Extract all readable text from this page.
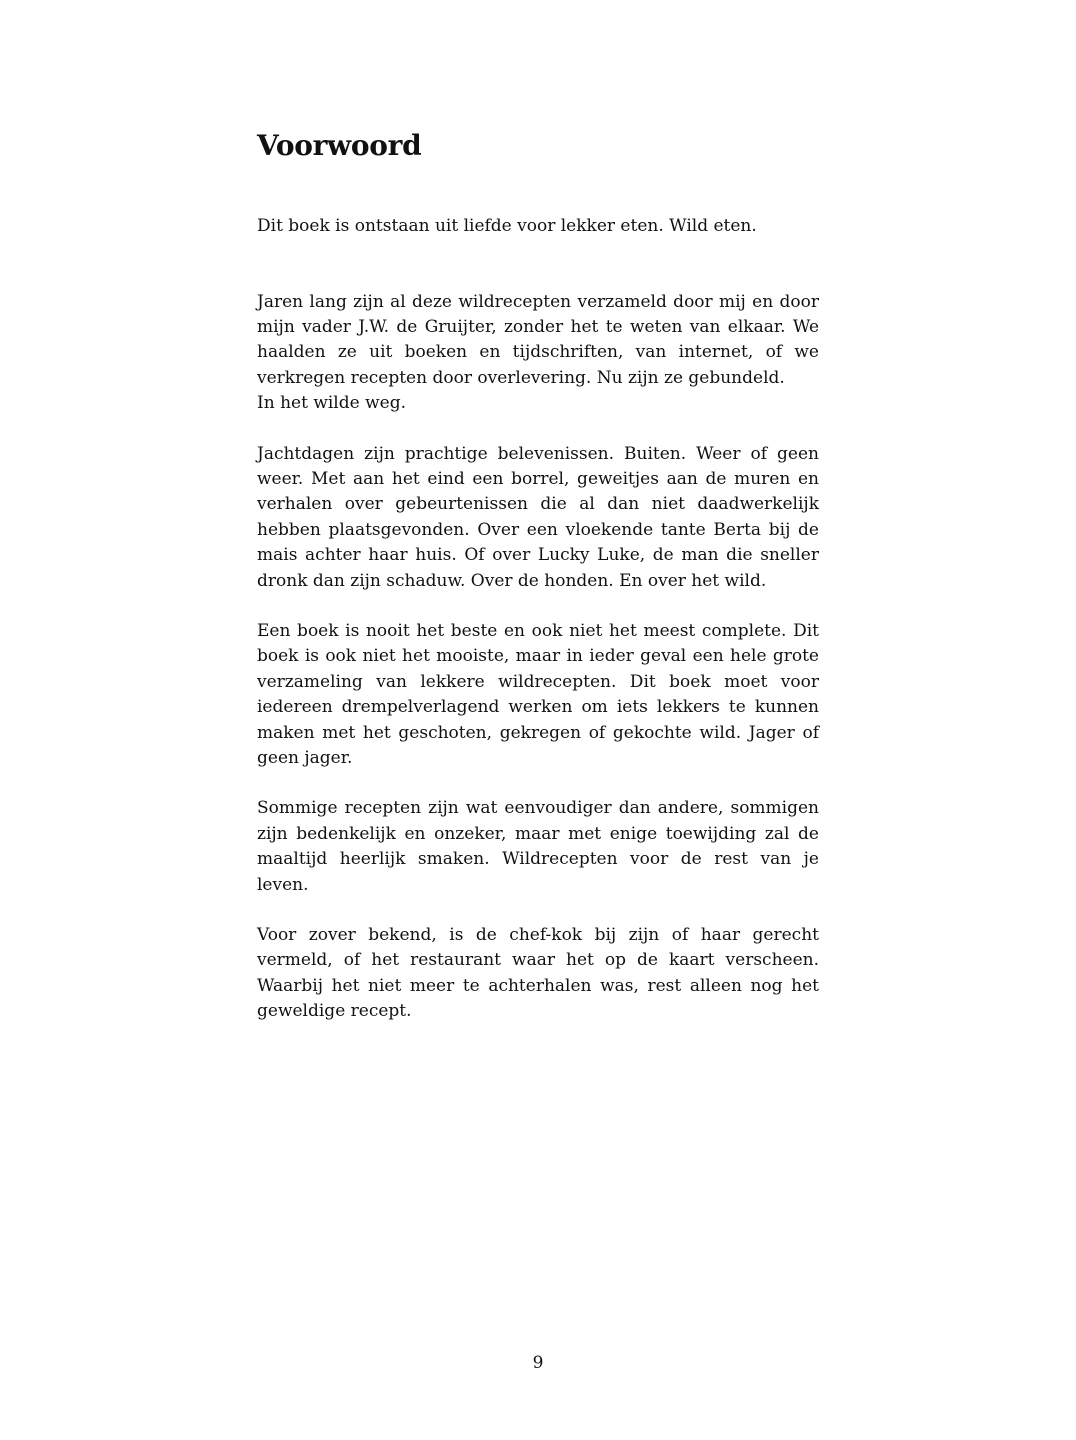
Voorwoord

Dit boek is ontstaan uit liefde voor lekker eten. Wild eten.

Jaren lang zijn al deze wildrecepten verzameld door mij en door mijn vader J.W. de Gruijter, zonder het te weten van elkaar. We haalden ze uit boeken en tijdschriften, van internet, of we verkregen recepten door overlevering. Nu zijn ze gebundeld.
In het wilde weg.

Jachtdagen zijn prachtige belevenissen. Buiten. Weer of geen weer. Met aan het eind een borrel, geweitjes aan de muren en verhalen over gebeurtenissen die al dan niet daadwerkelijk hebben plaatsgevonden. Over een vloekende tante Berta bij de mais achter haar huis. Of over Lucky Luke, de man die sneller dronk dan zijn schaduw. Over de honden. En over het wild.

Een boek is nooit het beste en ook niet het meest complete. Dit boek is ook niet het mooiste, maar in ieder geval een hele grote verzameling van lekkere wildrecepten. Dit boek moet voor iedereen drempelverlagend werken om iets lekkers te kunnen maken met het geschoten, gekregen of gekochte wild. Jager of geen jager.

Sommige recepten zijn wat eenvoudiger dan andere, sommigen zijn bedenkelijk en onzeker, maar met enige toewijding zal de maaltijd heerlijk smaken. Wildrecepten voor de rest van je leven.

Voor zover bekend, is de chef-kok bij zijn of haar gerecht vermeld, of het restaurant waar het op de kaart verscheen. Waarbij het niet meer te achterhalen was, rest alleen nog het geweldige recept.

9
